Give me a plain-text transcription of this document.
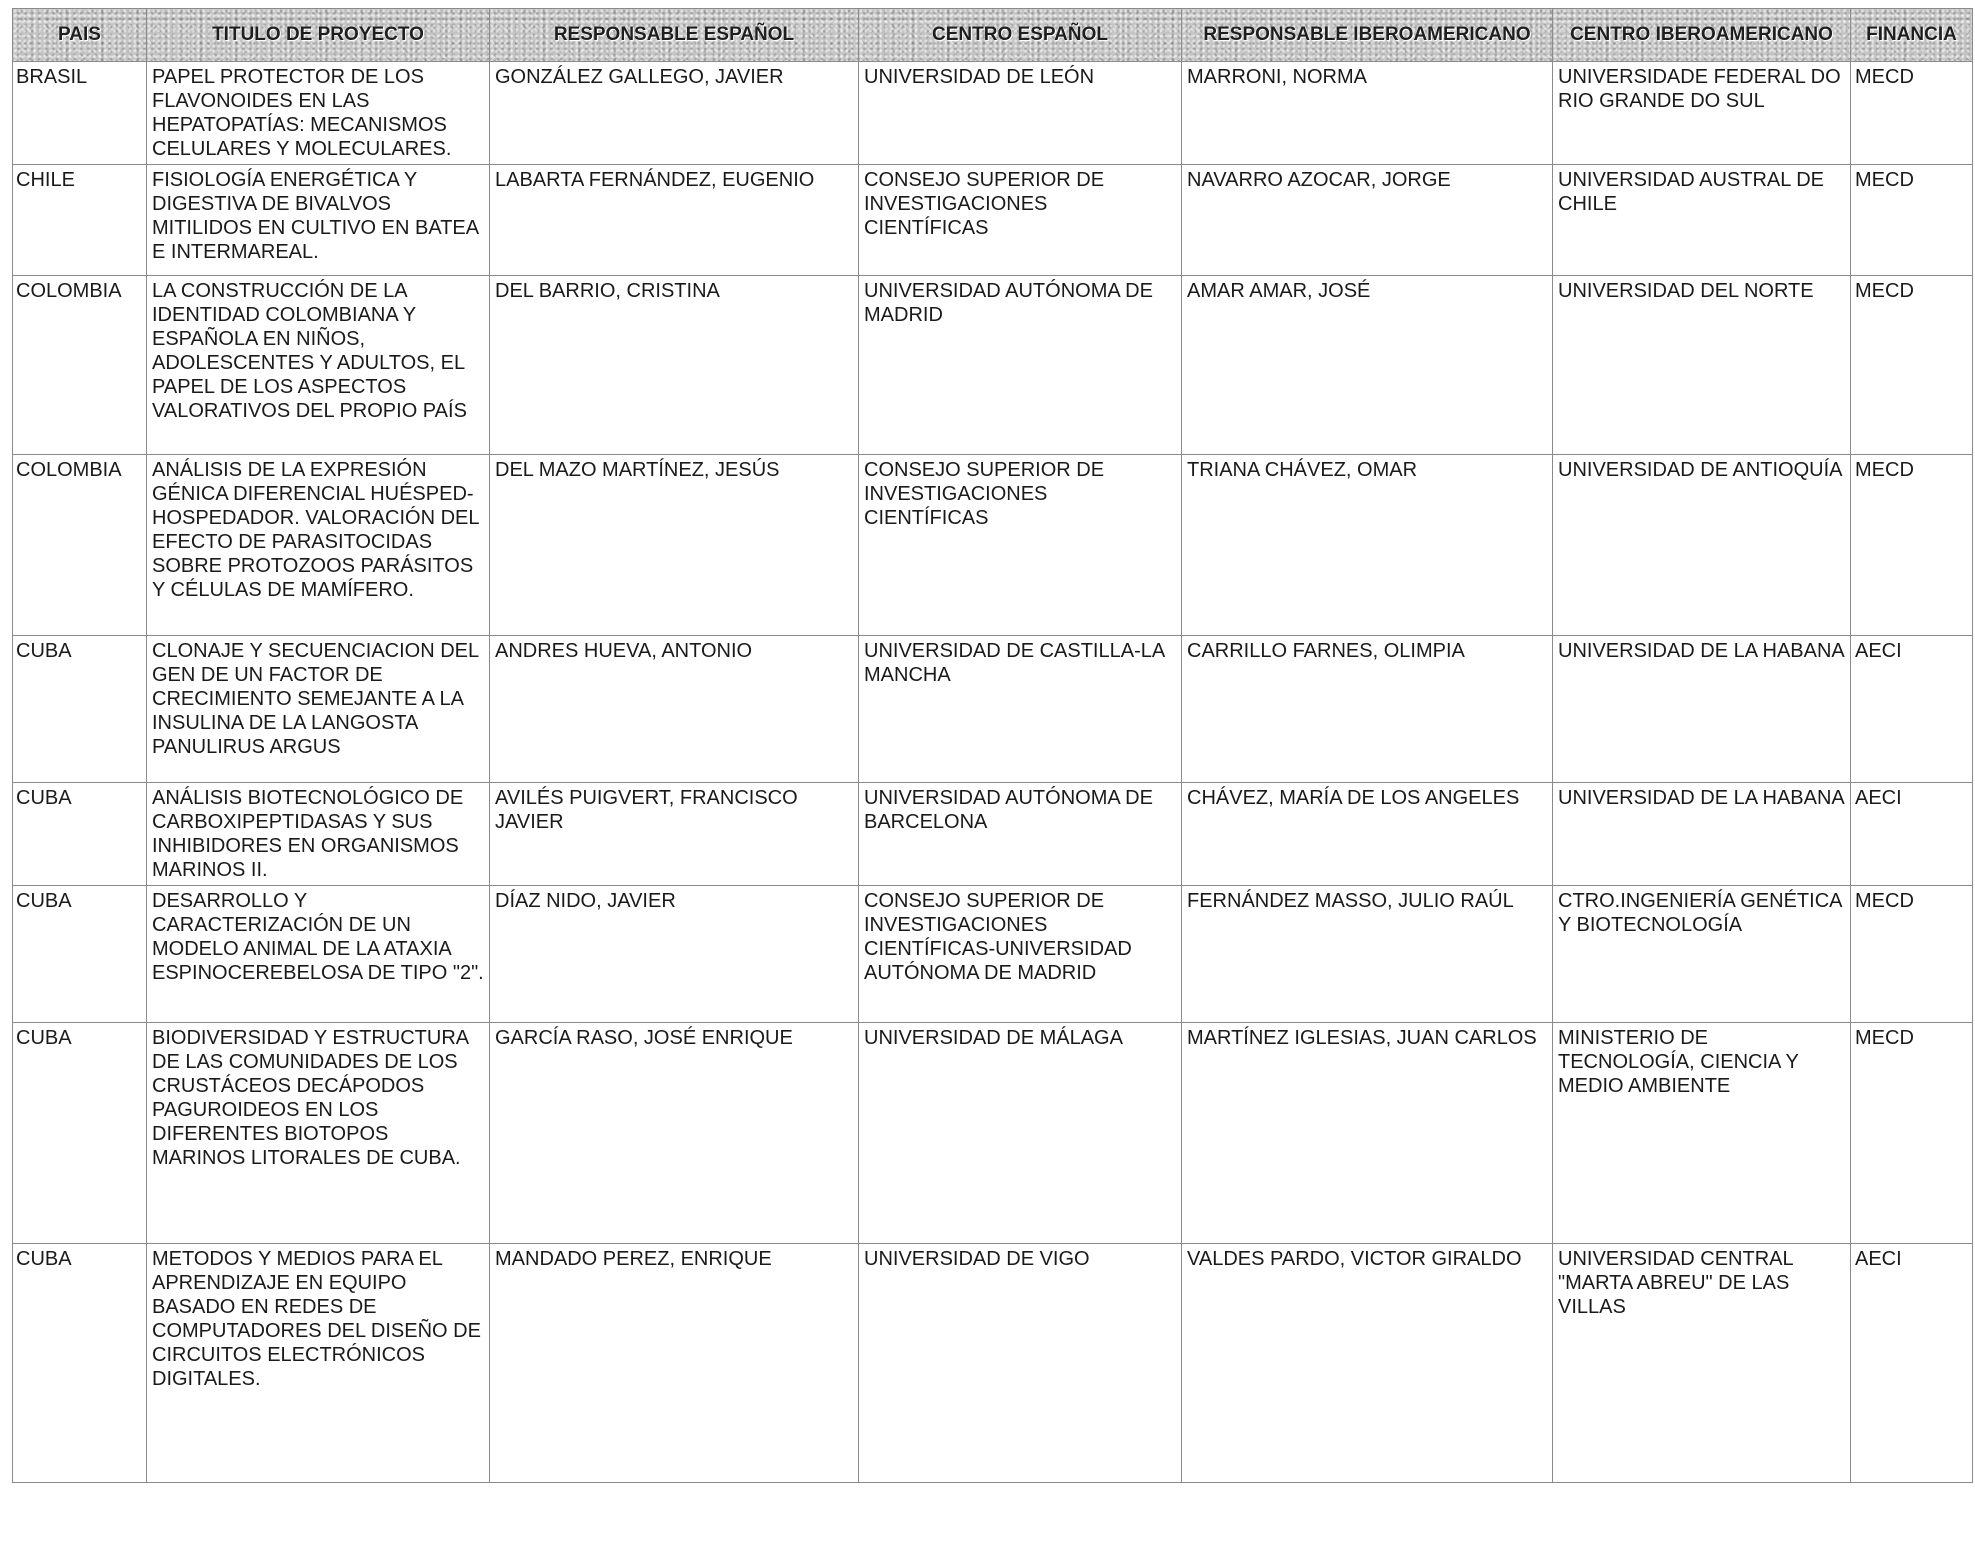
PAIS	TITULO DE PROYECTO	RESPONSABLE ESPAÑOL	CENTRO ESPAÑOL	RESPONSABLE IBEROAMERICANO	CENTRO IBEROAMERICANO	FINANCIA
BRASIL	PAPEL PROTECTOR DE LOS FLAVONOIDES EN LAS HEPATOPATÍAS: MECANISMOS CELULARES Y MOLECULARES.	GONZÁLEZ GALLEGO, JAVIER	UNIVERSIDAD DE LEÓN	MARRONI, NORMA	UNIVERSIDADE FEDERAL DO RIO GRANDE DO SUL	MECD
CHILE	FISIOLOGÍA ENERGÉTICA Y DIGESTIVA DE BIVALVOS MITILIDOS EN CULTIVO EN BATEA E INTERMAREAL.	LABARTA FERNÁNDEZ, EUGENIO	CONSEJO SUPERIOR DE INVESTIGACIONES CIENTÍFICAS	NAVARRO AZOCAR, JORGE	UNIVERSIDAD AUSTRAL DE CHILE	MECD
COLOMBIA	LA CONSTRUCCIÓN DE LA IDENTIDAD COLOMBIANA Y ESPAÑOLA EN NIÑOS, ADOLESCENTES Y ADULTOS, EL PAPEL DE LOS ASPECTOS VALORATIVOS DEL PROPIO PAÍS	DEL BARRIO, CRISTINA	UNIVERSIDAD AUTÓNOMA DE MADRID	AMAR AMAR, JOSÉ	UNIVERSIDAD DEL NORTE	MECD
COLOMBIA	ANÁLISIS DE LA EXPRESIÓN GÉNICA DIFERENCIAL HUÉSPED-HOSPEDADOR. VALORACIÓN DEL EFECTO DE PARASITOCIDAS SOBRE PROTOZOOS PARÁSITOS Y CÉLULAS DE MAMÍFERO.	DEL MAZO MARTÍNEZ, JESÚS	CONSEJO SUPERIOR DE INVESTIGACIONES CIENTÍFICAS	TRIANA CHÁVEZ, OMAR	UNIVERSIDAD DE ANTIOQUÍA	MECD
CUBA	CLONAJE Y SECUENCIACION DEL GEN DE UN FACTOR DE CRECIMIENTO SEMEJANTE A LA INSULINA DE LA LANGOSTA PANULIRUS ARGUS	ANDRES HUEVA, ANTONIO	UNIVERSIDAD DE CASTILLA-LA MANCHA	CARRILLO FARNES, OLIMPIA	UNIVERSIDAD DE LA HABANA	AECI
CUBA	ANÁLISIS BIOTECNOLÓGICO DE CARBOXIPEPTIDASAS Y SUS INHIBIDORES EN ORGANISMOS MARINOS II.	AVILÉS PUIGVERT, FRANCISCO JAVIER	UNIVERSIDAD AUTÓNOMA DE BARCELONA	CHÁVEZ, MARÍA DE LOS ANGELES	UNIVERSIDAD DE LA HABANA	AECI
CUBA	DESARROLLO Y CARACTERIZACIÓN DE UN MODELO ANIMAL DE LA ATAXIA ESPINOCEREBELOSA DE TIPO "2".	DÍAZ NIDO, JAVIER	CONSEJO SUPERIOR DE INVESTIGACIONES CIENTÍFICAS-UNIVERSIDAD AUTÓNOMA DE MADRID	FERNÁNDEZ MASSO, JULIO RAÚL	CTRO.INGENIERÍA GENÉTICA Y BIOTECNOLOGÍA	MECD
CUBA	BIODIVERSIDAD Y ESTRUCTURA DE LAS COMUNIDADES DE LOS CRUSTÁCEOS DECÁPODOS PAGUROIDEOS EN LOS DIFERENTES BIOTOPOS MARINOS LITORALES DE CUBA.	GARCÍA RASO, JOSÉ ENRIQUE	UNIVERSIDAD DE MÁLAGA	MARTÍNEZ IGLESIAS, JUAN CARLOS	MINISTERIO DE TECNOLOGÍA, CIENCIA Y MEDIO AMBIENTE	MECD
CUBA	METODOS Y MEDIOS PARA EL APRENDIZAJE EN EQUIPO BASADO EN REDES DE COMPUTADORES DEL DISEÑO DE CIRCUITOS ELECTRÓNICOS DIGITALES.	MANDADO PEREZ, ENRIQUE	UNIVERSIDAD DE VIGO	VALDES PARDO, VICTOR GIRALDO	UNIVERSIDAD CENTRAL "MARTA ABREU" DE LAS VILLAS	AECI
